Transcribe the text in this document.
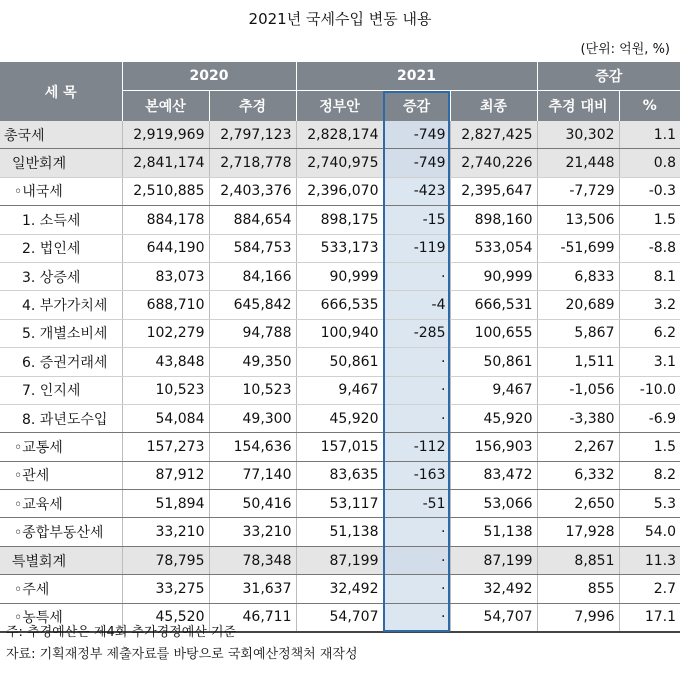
2021년 국세수입 변동 내용
(단위: 억원, %)
세 목	2020		2021			증감	
	본예산	추경	정부안	증감	최종	추경 대비	%
총국세	2,919,969	2,797,123	2,828,174	-749	2,827,425	30,302	1.1
일반회계	2,841,174	2,718,778	2,740,975	-749	2,740,226	21,448	0.8
◦내국세	2,510,885	2,403,376	2,396,070	-423	2,395,647	-7,729	-0.3
1. 소득세	884,178	884,654	898,175	-15	898,160	13,506	1.5
2. 법인세	644,190	584,753	533,173	-119	533,054	-51,699	-8.8
3. 상증세	83,073	84,166	90,999	·	90,999	6,833	8.1
4. 부가가치세	688,710	645,842	666,535	-4	666,531	20,689	3.2
5. 개별소비세	102,279	94,788	100,940	-285	100,655	5,867	6.2
6. 증권거래세	43,848	49,350	50,861	·	50,861	1,511	3.1
7. 인지세	10,523	10,523	9,467	·	9,467	-1,056	-10.0
8. 과년도수입	54,084	49,300	45,920	·	45,920	-3,380	-6.9
◦교통세	157,273	154,636	157,015	-112	156,903	2,267	1.5
◦관세	87,912	77,140	83,635	-163	83,472	6,332	8.2
◦교육세	51,894	50,416	53,117	-51	53,066	2,650	5.3
◦종합부동산세	33,210	33,210	51,138	·	51,138	17,928	54.0
특별회계	78,795	78,348	87,199	·	87,199	8,851	11.3
◦주세	33,275	31,637	32,492	·	32,492	855	2.7
◦농특세	45,520	46,711	54,707	·	54,707	7,996	17.1
주: 추경예산은 제4회 추가경정예산 기준
자료: 기획재정부 제출자료를 바탕으로 국회예산정책처 재작성
